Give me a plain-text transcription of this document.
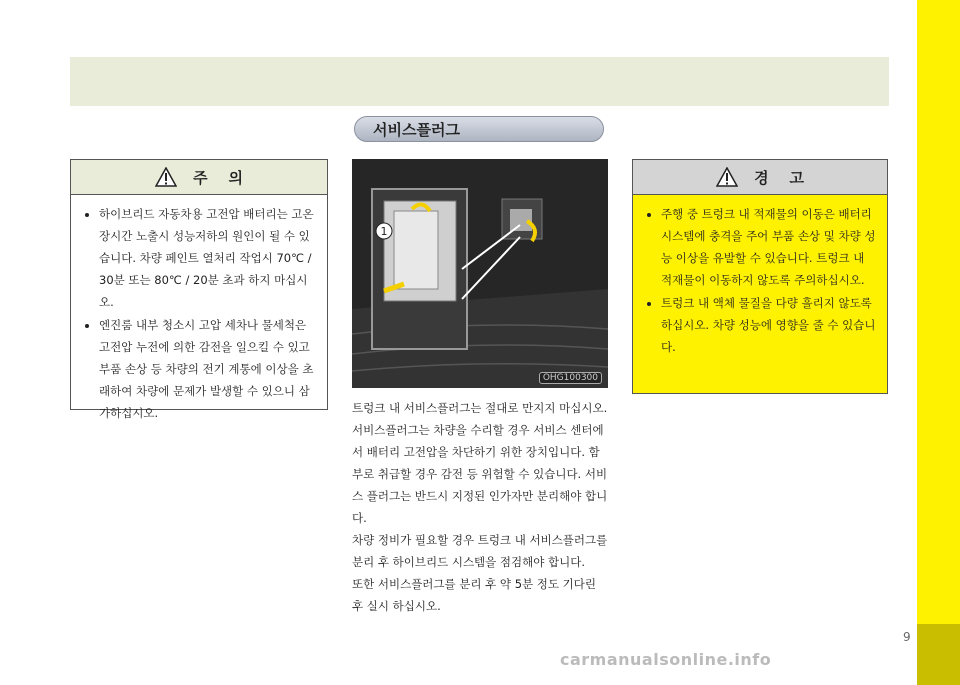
9
서비스플러그
주    의
• 하이브리드 자동차용 고전압 배터리는 고온 장시간 노출시 성능저하의 원인이 될 수 있습니다. 차량 페인트 열처리 작업시 70℃ / 30분 또는 80℃ / 20분 초과 하지 마십시오.
• 엔진룸 내부 청소시 고압 세차나 물세척은 고전압 누전에 의한 감전을 일으킬 수 있고 부품 손상 등 차량의 전기 계통에 이상을 초래하여 차량에 문제가 발생할 수 있으니 삼가하십시오.
1
OHG100300

트렁크 내 서비스플러그는 절대로 만지지 마십시오. 서비스플러그는 차량을 수리할 경우 서비스 센터에서 배터리 고전압을 차단하기 위한 장치입니다. 함부로 취급할 경우 감전 등 위험할 수 있습니다. 서비스 플러그는 반드시 지정된 인가자만 분리해야 합니다.

차량 정비가 필요할 경우 트렁크 내 서비스플러그를 분리 후 하이브리드 시스템을 점검해야 합니다.

또한 서비스플러그를 분리 후 약 5분 정도 기다린 후 실시 하십시오.

경    고
• 주행 중 트렁크 내 적재물의 이동은 배터리시스템에 충격을 주어 부품 손상 및 차량 성능 이상을 유발할 수 있습니다. 트렁크 내 적재물이 이동하지 않도록 주의하십시오.
• 트렁크 내 액체 물질을 다량 흘리지 않도록 하십시오. 차량 성능에 영향을 줄 수 있습니다.
carmanualsonline.info
